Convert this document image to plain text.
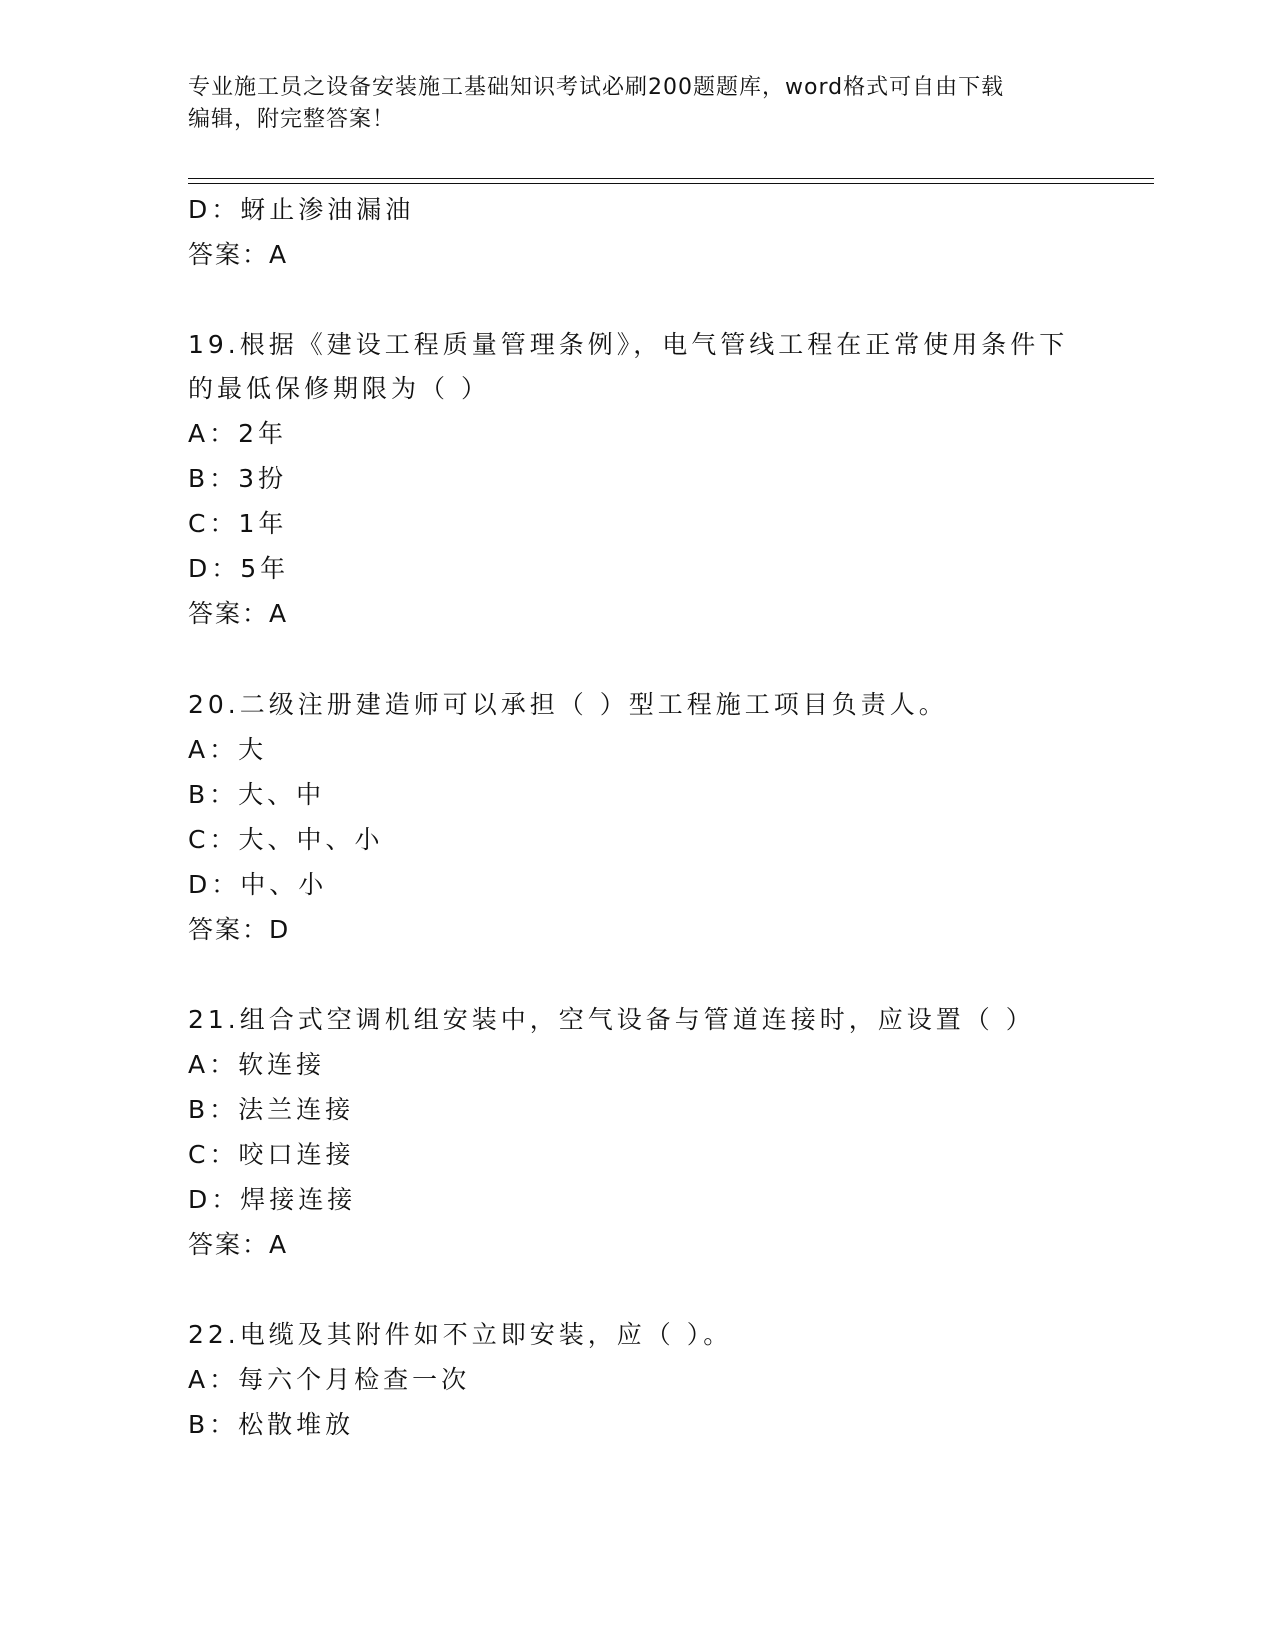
专业施工员之设备安装施工基础知识考试必刷200题题库，word格式可自由下载
编辑，附完整答案！
D：蚜止渗油漏油
答案：A
19.根据《建设工程质量管理条例》，电气管线工程在正常使用条件下
的最低保修期限为（ ）
A：2年
B：3扮
C：1年
D：5年
答案：A
20.二级注册建造师可以承担（ ）型工程施工项目负责人。
A：大
B：大、中
C：大、中、小
D：中、小
答案：D
21.组合式空调机组安装中，空气设备与管道连接时，应设置（ ）
A：软连接
B：法兰连接
C：咬口连接
D：焊接连接
答案：A
22.电缆及其附件如不立即安装，应（ ）。
A：每六个月检查一次
B：松散堆放
